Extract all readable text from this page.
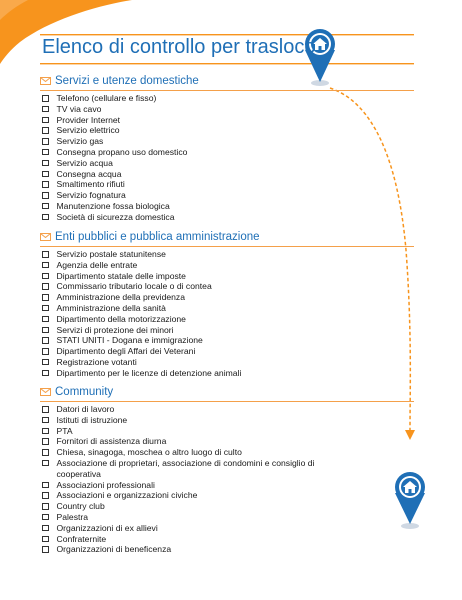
Elenco di controllo per trasloco
Servizi e utenze domestiche
Telefono (cellulare e fisso)
TV via cavo
Provider Internet
Servizio elettrico
Servizio gas
Consegna propano uso domestico
Servizio acqua
Consegna acqua
Smaltimento rifiuti
Servizio fognatura
Manutenzione fossa biologica
Società di sicurezza domestica
Enti pubblici e pubblica amministrazione
Servizio postale statunitense
Agenzia delle entrate
Dipartimento statale delle imposte
Commissario tributario locale o di contea
Amministrazione della previdenza
Amministrazione della sanità
Dipartimento della motorizzazione
Servizi di protezione dei minori
STATI UNITI - Dogana e immigrazione
Dipartimento degli Affari dei Veterani
Registrazione votanti
Dipartimento per le licenze di detenzione animali
Community
Datori di lavoro
Istituti di istruzione
PTA
Fornitori di assistenza diurna
Chiesa, sinagoga, moschea o altro luogo di culto
Associazione di proprietari, associazione di condomini e consiglio di cooperativa
Associazioni professionali
Associazioni e organizzazioni civiche
Country club
Palestra
Organizzazioni di ex allievi
Confraternite
Organizzazioni di beneficenza
